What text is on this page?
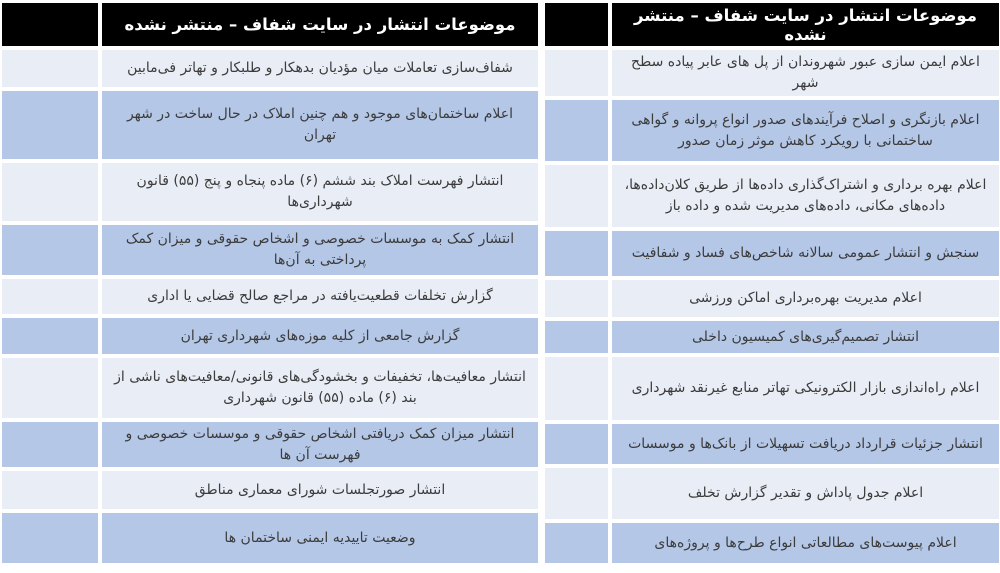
موضوعات انتشار در سایت شفاف – منتشر نشده
شفاف‌سازی تعاملات میان مؤدیان بدهکار و طلبکار و تهاتر فی‌مابین
اعلام ساختمان‌های موجود و هم چنین املاک در حال ساخت در شهر تهران
انتشار فهرست املاک بند ششم (۶) ماده پنجاه و پنج (۵۵) قانون شهرداری‌ها
انتشار کمک به موسسات خصوصی و اشخاص حقوقی و میزان کمک پرداختی به آن‌ها
گزارش تخلفات قطعیت‌یافته در مراجع صالح قضایی یا اداری
گزارش جامعی از کلیه موزه‌های شهرداری تهران
انتشار معافیت‌ها، تخفیفات و بخشودگی‌های قانونی/معافیت‌های ناشی از بند (۶) ماده (۵۵) قانون شهرداری
انتشار میزان کمک دریافتی اشخاص حقوقی و موسسات خصوصی و فهرست آن ها
انتشار صورتجلسات شورای معماری مناطق
وضعیت تاییدیه ایمنی ساختمان ها
موضوعات انتشار در سایت شفاف – منتشر نشده
اعلام ایمن سازی عبور شهروندان از پل های عابر پیاده سطح شهر
اعلام بازنگری و اصلاح فرآیندهای صدور انواع پروانه و گواهی ساختمانی با رویکرد کاهش موثر زمان صدور
اعلام بهره برداری و اشتراک‌گذاری داده‌ها از طریق کلان‌داده‌ها، داده‌های مکانی، داده‌های مدیریت شده و داده باز
سنجش و انتشار عمومی سالانه شاخص‌های فساد و شفافیت
اعلام مدیریت بهره‌برداری اماکن ورزشی
انتشار تصمیم‌گیری‌های کمیسیون داخلی
اعلام راه‌اندازی بازار الکترونیکی تهاتر منابع غیرنقد شهرداری
انتشار جزئیات قرارداد دریافت تسهیلات از بانک‌ها و موسسات
اعلام جدول پاداش و تقدیر گزارش تخلف
اعلام پیوست‌های مطالعاتی انواع طرح‌ها و پروژه‌های
